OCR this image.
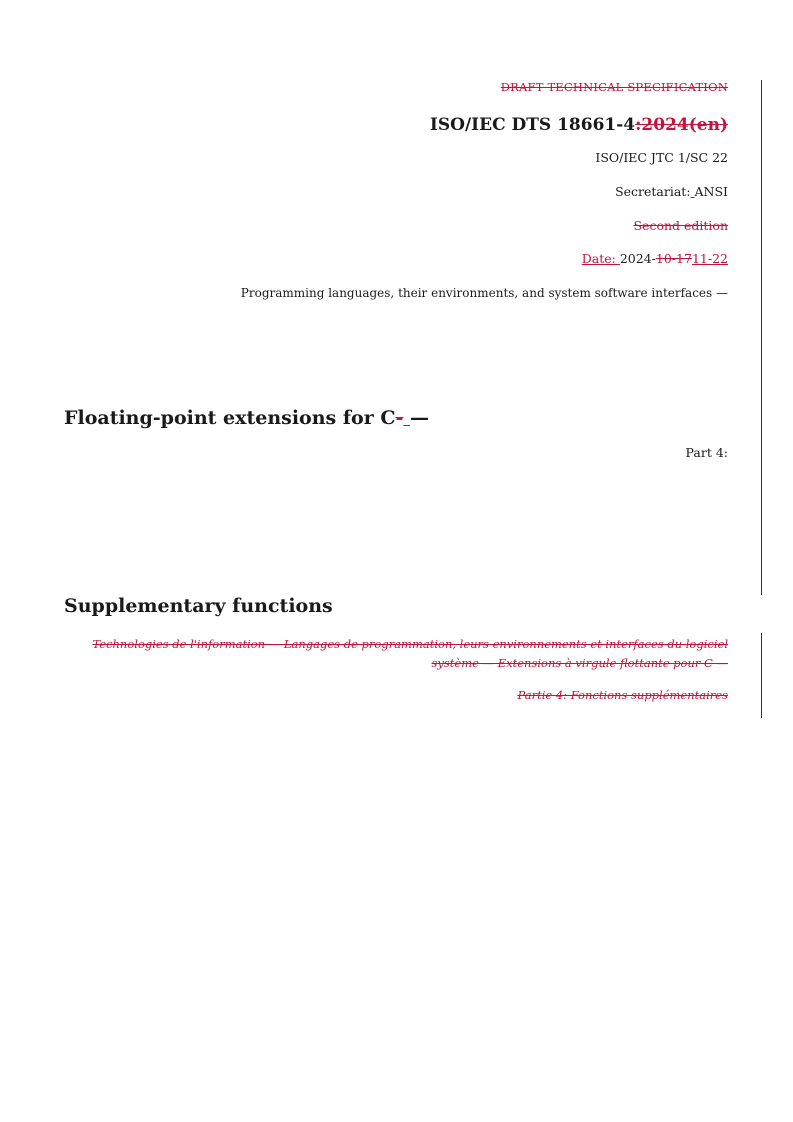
DRAFT TECHNICAL SPECIFICATION
ISO/IEC DTS 18661-4:2024(en)
ISO/IEC JTC 1/SC 22
Secretariat: ANSI
Second edition
Date: 2024-10-1711-22
Programming languages, their environments, and system software interfaces —
Floating-point extensions for C- —
Part 4:
Supplementary functions
Technologies de l'information — Langages de programmation, leurs environnements et interfaces du logiciel système — Extensions à virgule flottante pour C —
Partie 4: Fonctions supplémentaires
